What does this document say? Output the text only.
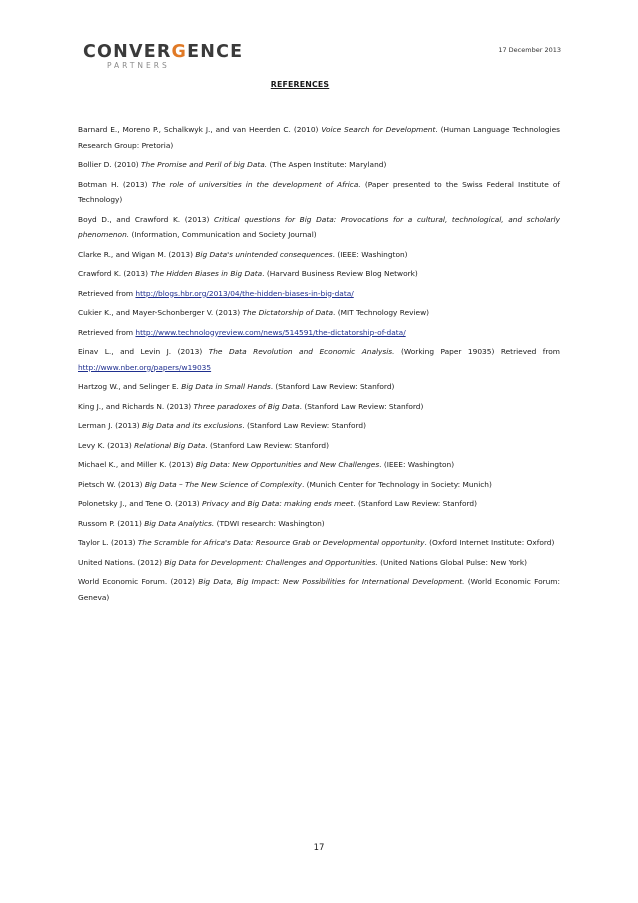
CONVERGENCE
PARTNERS
17 December 2013
REFERENCES

Barnard E., Moreno P., Schalkwyk J., and van Heerden C. (2010) Voice Search for Development. (Human Language Technologies Research Group: Pretoria)

Bollier D. (2010) The Promise and Peril of big Data. (The Aspen Institute: Maryland)

Botman H. (2013) The role of universities in the development of Africa. (Paper presented to the Swiss Federal Institute of Technology)

Boyd D., and Crawford K. (2013) Critical questions for Big Data: Provocations for a cultural, technological, and scholarly phenomenon. (Information, Communication and Society Journal)

Clarke R., and Wigan M. (2013) Big Data's unintended consequences. (IEEE: Washington)

Crawford K. (2013) The Hidden Biases in Big Data. (Harvard Business Review Blog Network)

Retrieved from http://blogs.hbr.org/2013/04/the-hidden-biases-in-big-data/

Cukier K., and Mayer-Schonberger V. (2013) The Dictatorship of Data. (MIT Technology Review)

Retrieved from http://www.technologyreview.com/news/514591/the-dictatorship-of-data/

Einav L., and Levin J. (2013) The Data Revolution and Economic Analysis. (Working Paper 19035) Retrieved from http://www.nber.org/papers/w19035

Hartzog W., and Selinger E. Big Data in Small Hands. (Stanford Law Review: Stanford)

King J., and Richards N. (2013) Three paradoxes of Big Data. (Stanford Law Review: Stanford)

Lerman J. (2013) Big Data and its exclusions. (Stanford Law Review: Stanford)

Levy K. (2013) Relational Big Data. (Stanford Law Review: Stanford)

Michael K., and Miller K. (2013) Big Data: New Opportunities and New Challenges. (IEEE: Washington)

Pietsch W. (2013) Big Data – The New Science of Complexity. (Munich Center for Technology in Society: Munich)

Polonetsky J., and Tene O. (2013) Privacy and Big Data: making ends meet. (Stanford Law Review: Stanford)

Russom P. (2011) Big Data Analytics. (TDWI research: Washington)

Taylor L. (2013) The Scramble for Africa's Data: Resource Grab or Developmental opportunity. (Oxford Internet Institute: Oxford)

United Nations. (2012) Big Data for Development: Challenges and Opportunities. (United Nations Global Pulse: New York)

World Economic Forum. (2012) Big Data, Big Impact: New Possibilities for International Development. (World Economic Forum: Geneva)

17
